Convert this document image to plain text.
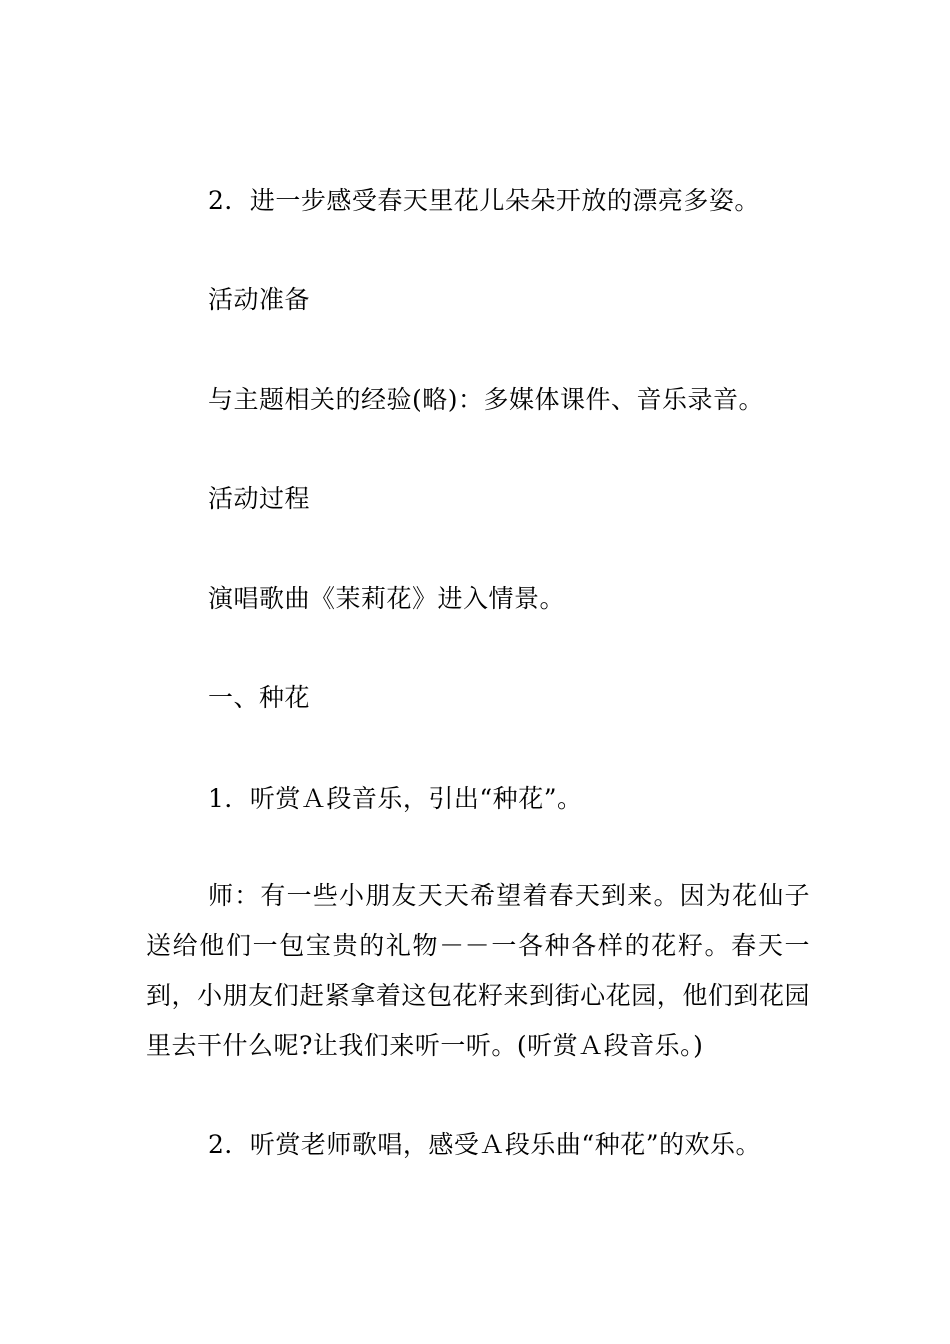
2．进一步感受春天里花儿朵朵开放的漂亮多姿。
活动准备
与主题相关的经验(略)：多媒体课件、音乐录音。
活动过程
演唱歌曲《茉莉花》进入情景。
一、种花
1．听赏Ａ段音乐，引出“种花”。
师：有一些小朋友天天希望着春天到来。因为花仙子送给他们一包宝贵的礼物－－一各种各样的花籽。春天一到，小朋友们赶紧拿着这包花籽来到街心花园，他们到花园里去干什么呢?让我们来听一听。(听赏Ａ段音乐。)
2．听赏老师歌唱，感受Ａ段乐曲“种花”的欢乐。
